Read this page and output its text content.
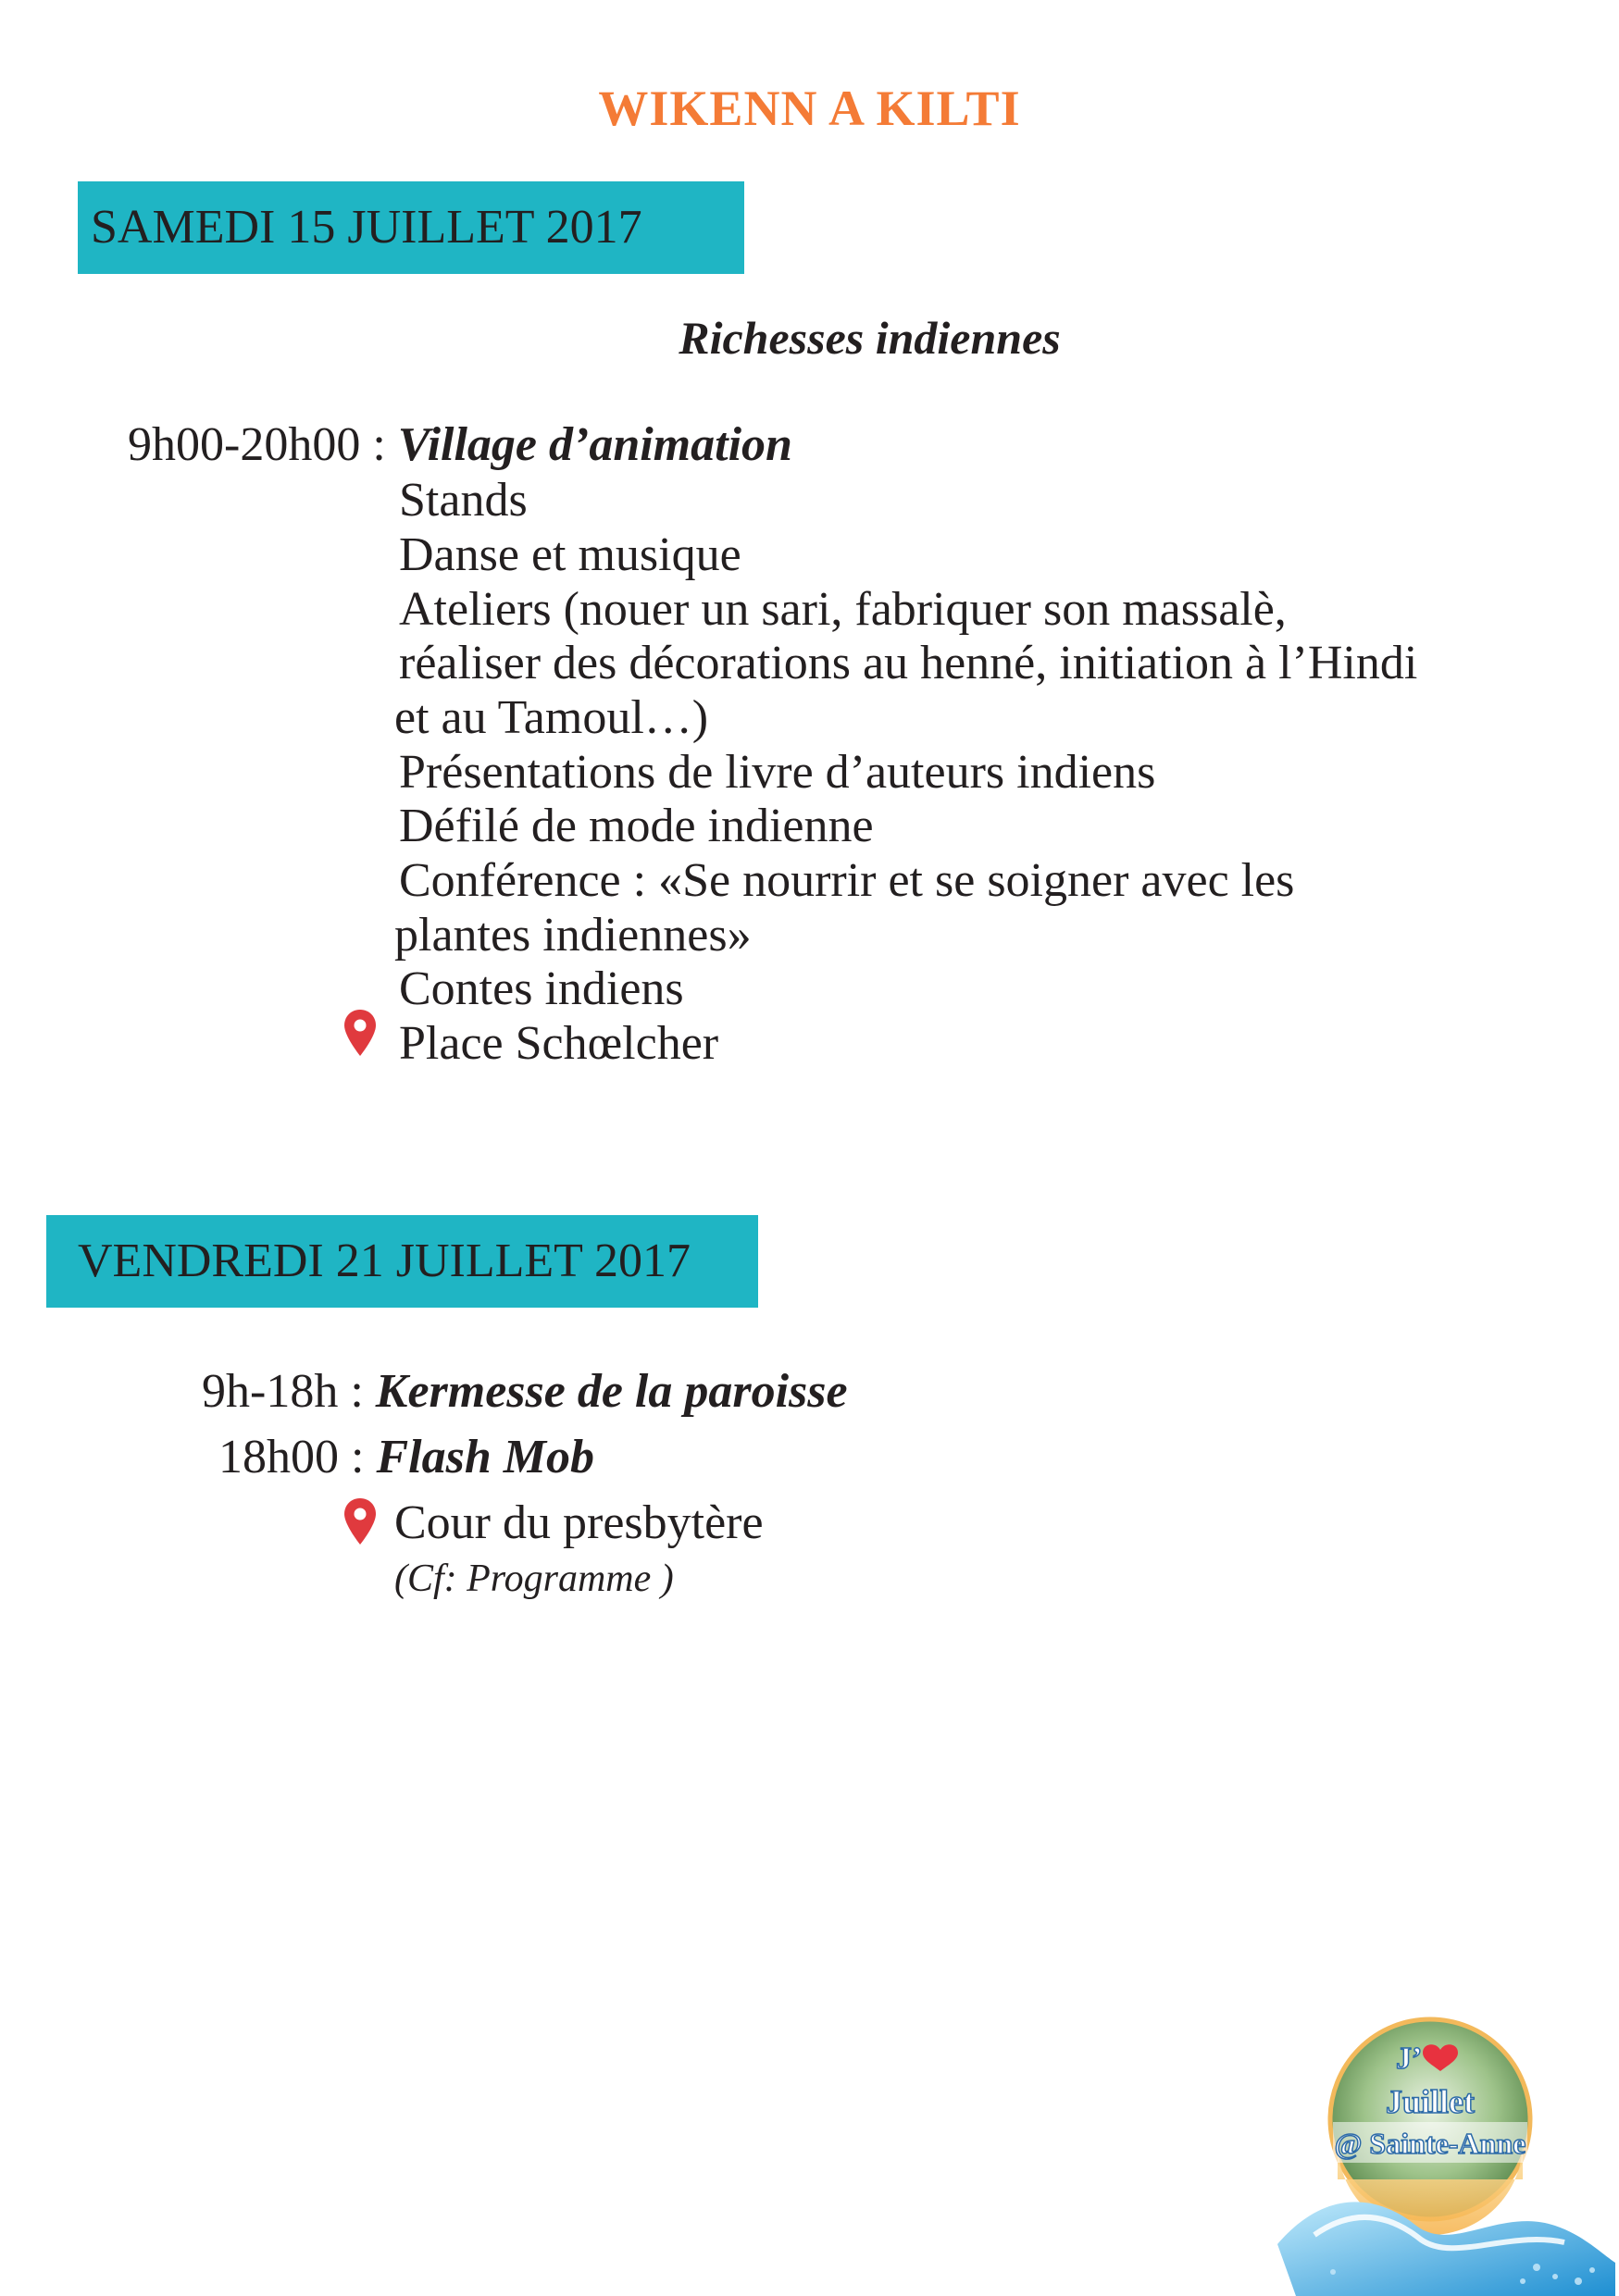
WIKENN A KILTI
SAMEDI 15 JUILLET 2017
Richesses indiennes
9h00-20h00 : Village d’animation
Stands
Danse et musique
Ateliers (nouer un sari, fabriquer son massalè,
réaliser des décorations au henné, initiation à l’Hindi
et au Tamoul…)
Présentations de livre d’auteurs indiens
Défilé de mode indienne
Conférence : «Se nourrir et se soigner avec les
plantes indiennes»
Contes indiens
Place Schœlcher
VENDREDI 21 JUILLET 2017
9h-18h : Kermesse de la paroisse
18h00 : Flash Mob
Cour du presbytère
(Cf: Programme )
J’
Juillet
@ Sainte-Anne
